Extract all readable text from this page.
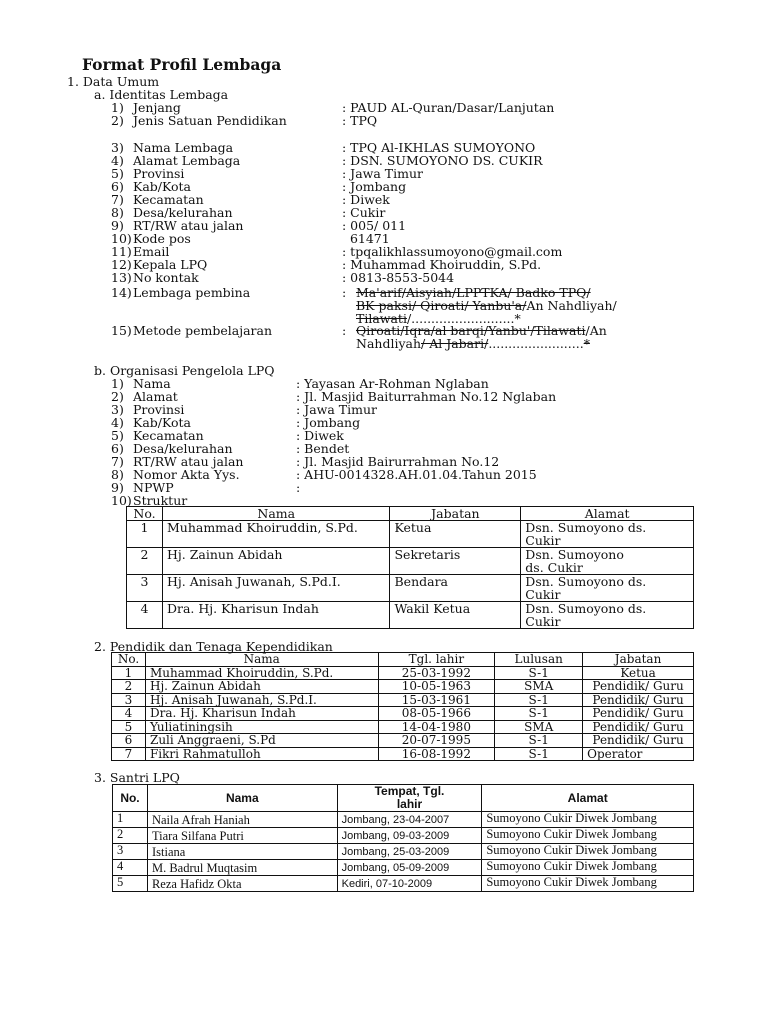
Format Profil Lembaga
1. Data Umum
a. Identitas Lembaga
1) Jenjang	: PAUD AL-Quran/Dasar/Lanjutan
2) Jenis Satuan Pendidikan	: TPQ
3) Nama Lembaga	: TPQ Al-IKHLAS SUMOYONO
4) Alamat Lembaga	: DSN. SUMOYONO DS. CUKIR
5) Provinsi	: Jawa Timur
6) Kab/Kota	: Jombang
7) Kecamatan	: Diwek
8) Desa/kelurahan	: Cukir
9) RT/RW atau jalan	: 005/ 011
10) Kode pos	61471
11) Email	: tpqalikhlassumoyono@gmail.com
12) Kepala LPQ	: Muhammad Khoiruddin, S.Pd.
13) No kontak	: 0813-8553-5044
14) Lembaga pembina	: Ma'arif/Aisyiah/LPPTKA/ Badko TPQ/
BK paksi/ Qiroati/ Yanbu'a/An Nahdliyah/
Tilawati/..........................*
15) Metode pembelajaran	: Qiroati/Iqra/al barqi/Yanbu'/Tilawati/An
Nahdliyah/ Al Jabari/........................*
b. Organisasi Pengelola LPQ
1) Nama	: Yayasan Ar-Rohman Nglaban
2) Alamat	: Jl. Masjid Baiturrahman No.12 Nglaban
3) Provinsi	: Jawa Timur
4) Kab/Kota	: Jombang
5) Kecamatan	: Diwek
6) Desa/kelurahan	: Bendet
7) RT/RW atau jalan	: Jl. Masjid Bairurrahman No.12
8) Nomor Akta Yys.	: AHU-0014328.AH.01.04.Tahun 2015
9) NPWP	:
10) Struktur
No.	Nama	Jabatan	Alamat
1	Muhammad Khoiruddin, S.Pd.	Ketua	Dsn. Sumoyono ds.
Cukir

2	Hj. Zainun Abidah	Sekretaris	Dsn. Sumoyono
ds. Cukir

3	Hj. Anisah Juwanah, S.Pd.I.	Bendara	Dsn. Sumoyono ds.
Cukir

4	Dra. Hj. Kharisun Indah	Wakil Ketua	Dsn. Sumoyono ds.
Cukir
2. Pendidik dan Tenaga Kependidikan
No.	Nama	Tgl. lahir	Lulusan	Jabatan
1	Muhammad Khoiruddin, S.Pd.	25-03-1992	S-1	Ketua
2	Hj. Zainun Abidah	10-05-1963	SMA	Pendidik/ Guru
3	Hj. Anisah Juwanah, S.Pd.I.	15-03-1961	S-1	Pendidik/ Guru
4	Dra. Hj. Kharisun Indah	08-05-1966	S-1	Pendidik/ Guru
5	Yuliatiningsih	14-04-1980	SMA	Pendidik/ Guru
6	Zuli Anggraeni, S.Pd	20-07-1995	S-1	Pendidik/ Guru
7	Fikri Rahmatulloh	16-08-1992	S-1	Operator
3. Santri LPQ
No.	Nama	Tempat, Tgl.
lahir	Alamat
1	Naila Afrah Haniah	Jombang, 23-04-2007	Sumoyono Cukir Diwek Jombang
2	Tiara Silfana Putri	Jombang, 09-03-2009	Sumoyono Cukir Diwek Jombang
3	Istiana	Jombang, 25-03-2009	Sumoyono Cukir Diwek Jombang
4	M. Badrul Muqtasim	Jombang, 05-09-2009	Sumoyono Cukir Diwek Jombang
5	Reza Hafidz Okta	Kediri, 07-10-2009	Sumoyono Cukir Diwek Jombang
